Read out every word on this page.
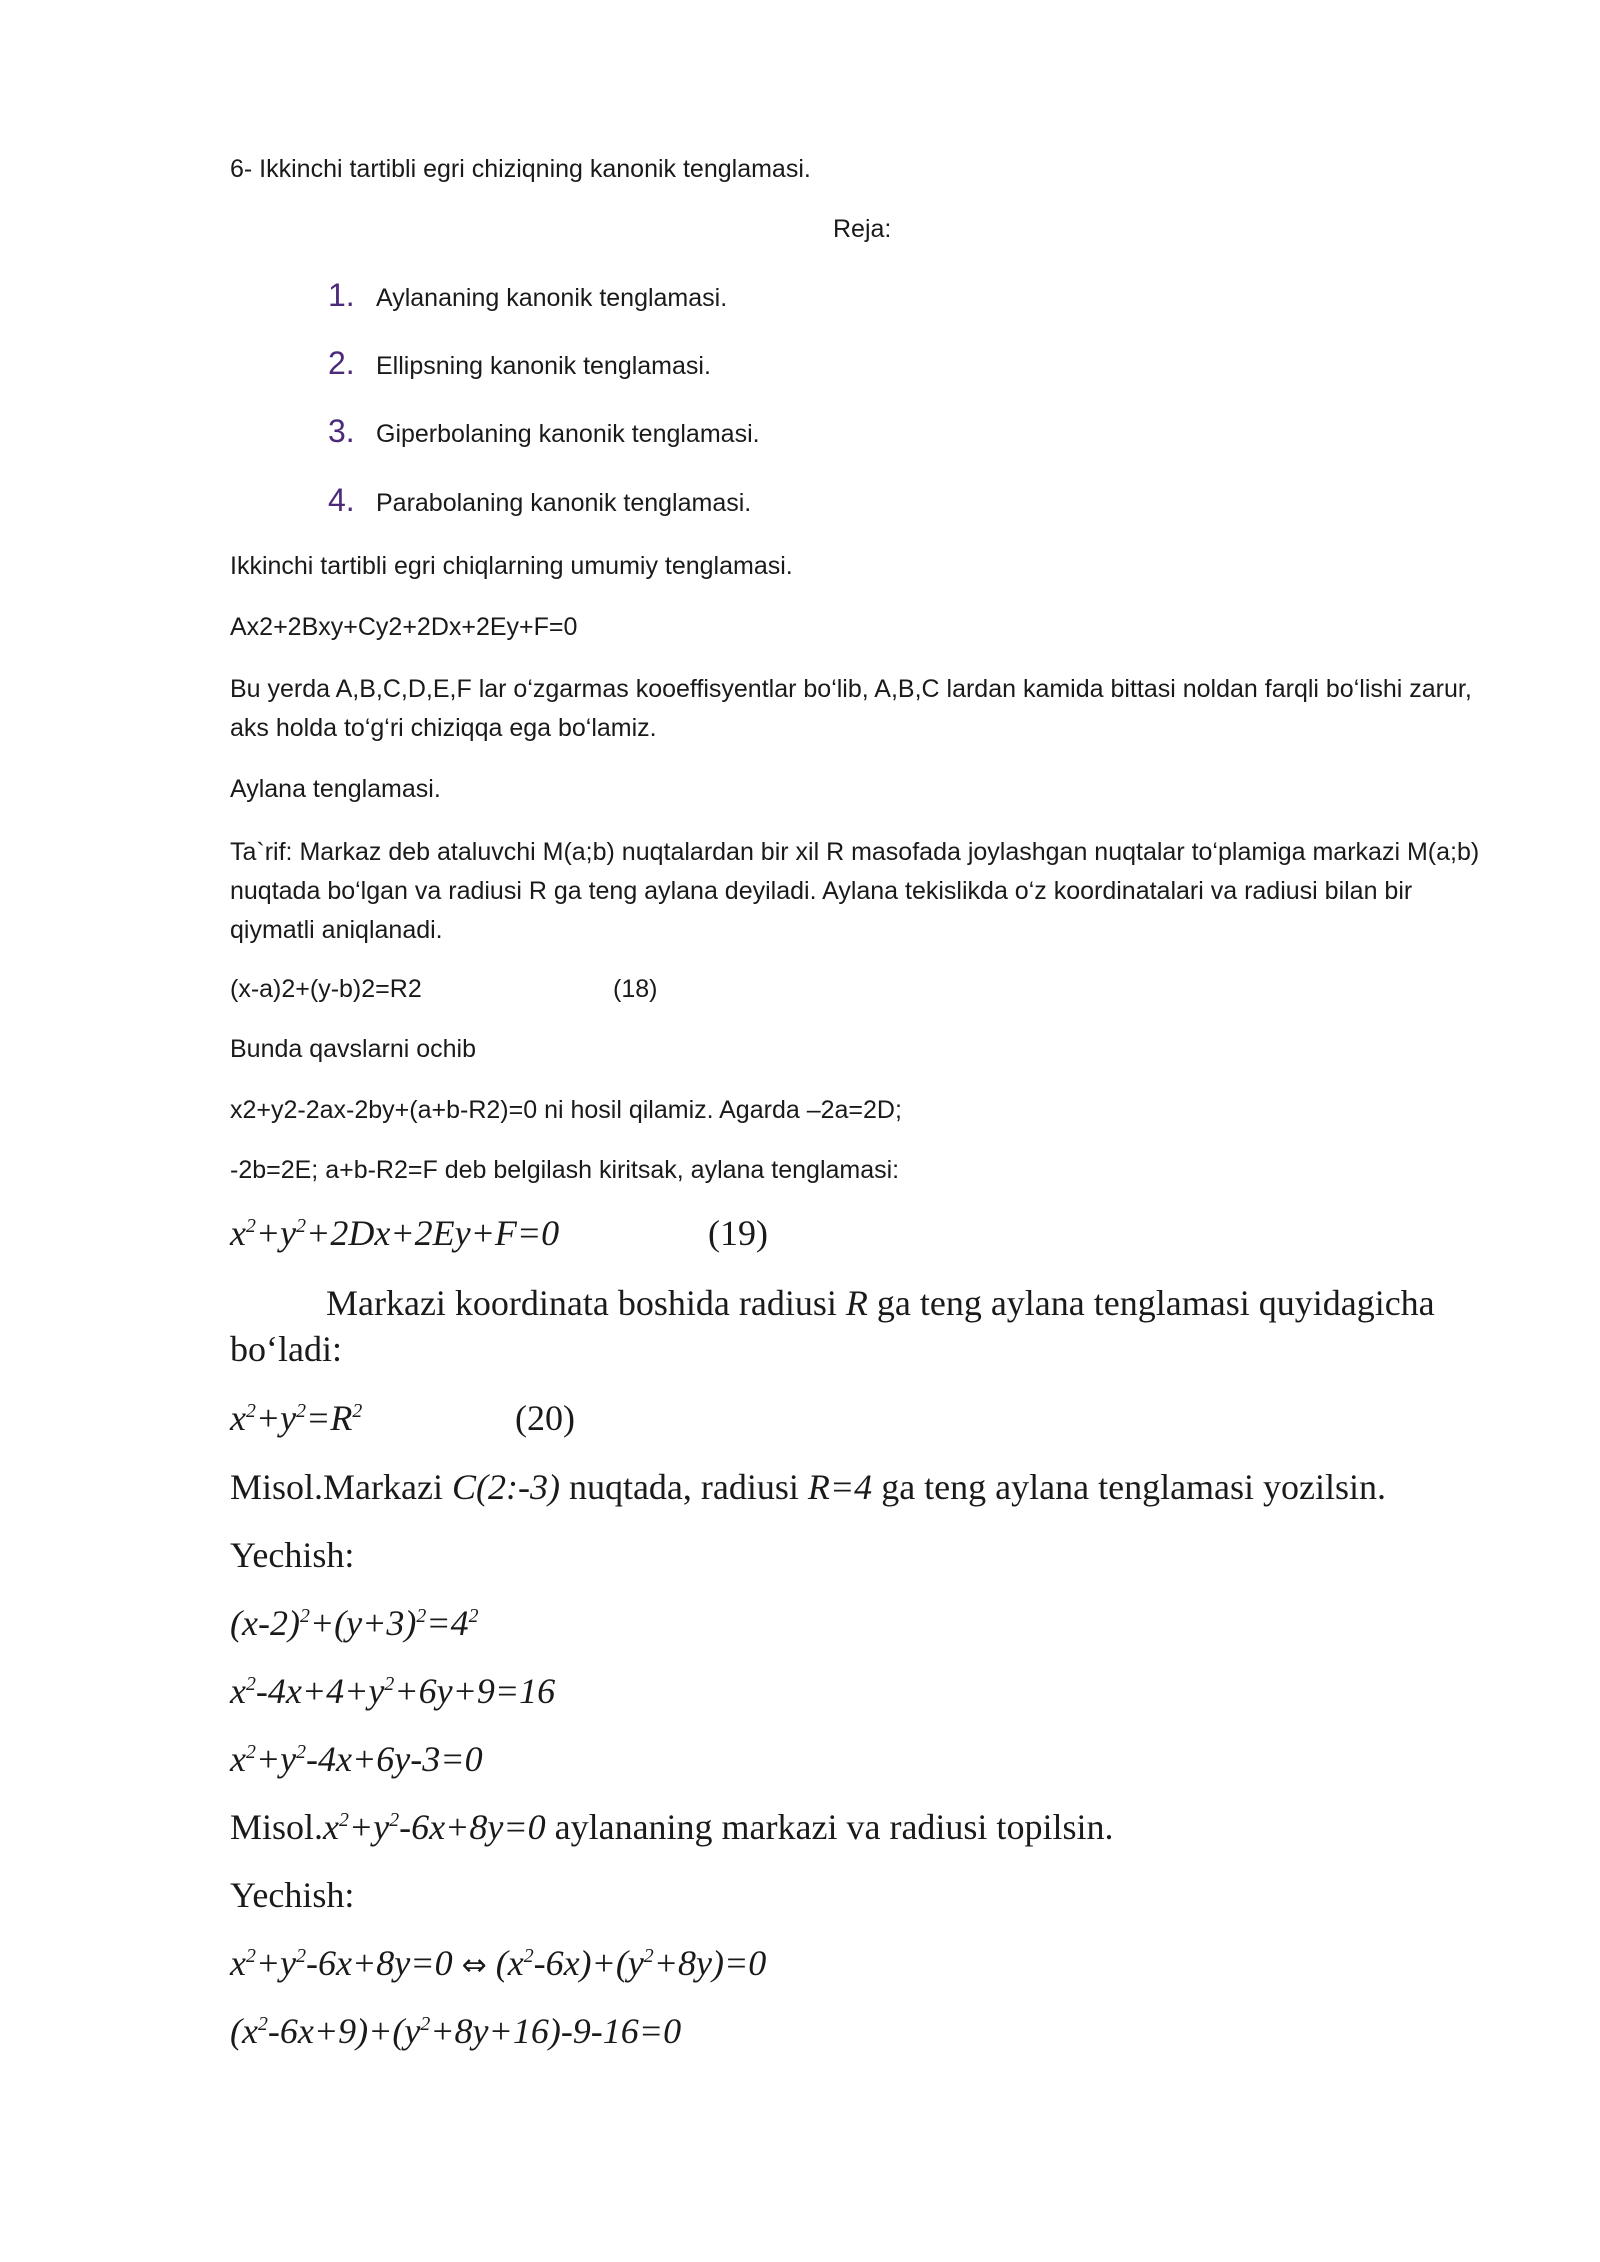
6- Ikkinchi tartibli egri chiziqning kanonik tenglamasi.
Reja:
1. Aylananing kanonik tenglamasi.
2. Ellipsning kanonik tenglamasi.
3. Giperbolaning kanonik tenglamasi.
4. Parabolaning kanonik tenglamasi.
Ikkinchi tartibli egri chiqlarning umumiy tenglamasi.
Ax2+2Bxy+Cy2+2Dx+2Ey+F=0
Bu yerda A,B,C,D,E,F lar o‘zgarmas kooeffisyentlar bo‘lib, A,B,C lardan kamida bittasi noldan farqli bo‘lishi zarur, aks holda to‘g‘ri chiziqqa ega bo‘lamiz.
Aylana tenglamasi.
Ta`rif: Markaz deb ataluvchi M(a;b) nuqtalardan bir xil R masofada joylashgan nuqtalar to‘plamiga markazi M(a;b) nuqtada bo‘lgan va radiusi R ga teng aylana deyiladi. Aylana tekislikda o‘z koordinatalari va radiusi bilan bir qiymatli aniqlanadi.
(x-a)2+(y-b)2=R2	(18)
Bunda qavslarni ochib
x2+y2-2ax-2by+(a+b-R2)=0 ni hosil qilamiz. Agarda –2a=2D;
-2b=2E; a+b-R2=F deb belgilash kiritsak, aylana tenglamasi:
$x^2+y^2+2Dx+2Ey+F=0$	(19)
Markazi koordinata boshida radiusi R ga teng aylana tenglamasi quyidagicha bo‘ladi:
$x^2+y^2=R^2$	(20)
Misol.Markazi C(2:-3) nuqtada, radiusi R=4 ga teng aylana tenglamasi yozilsin.
Yechish:
$(x-2)^2+(y+3)^2=4^2$
$x^2-4x+4+y^2+6y+9=16$
$x^2+y^2-4x+6y-3=0$
$Misol.x^2+y^2-6x+8y=0$ aylananing markazi va radiusi topilsin.
Yechish:
$x^2+y^2-6x+8y=0$ ⇔ $(x^2-6x)+(y^2+8y)=0$
$(x^2-6x+9)+(y^2+8y+16)-9-16=0$
